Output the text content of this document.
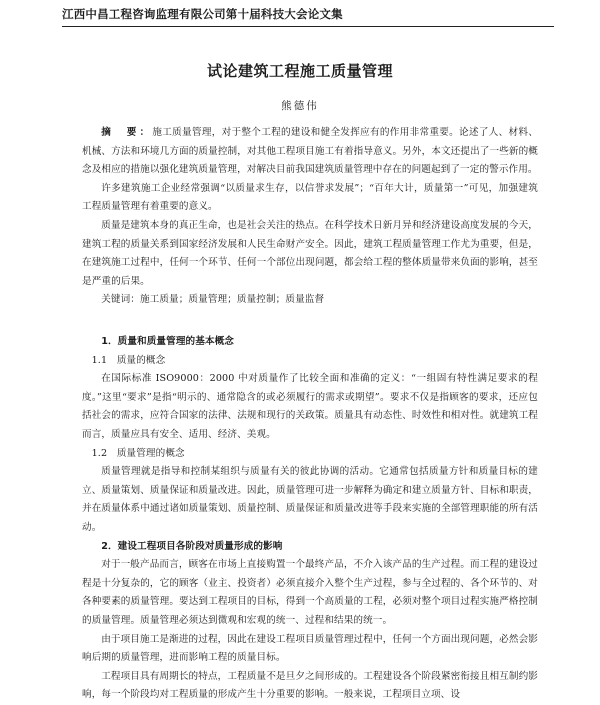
江西中昌工程咨询监理有限公司第十届科技大会论文集
试论建筑工程施工质量管理
熊德伟

摘　要：施工质量管理，对于整个工程的建设和健全发挥应有的作用非常重要。论述了人、材料、机械、方法和环境几方面的质量控制，对其他工程项目施工有着指导意义。另外，本文还提出了一些新的概念及相应的措施以强化建筑质量管理，对解决目前我国建筑质量管理中存在的问题起到了一定的警示作用。

许多建筑施工企业经常强调“以质量求生存，以信誉求发展”；“百年大计，质量第一”可见，加强建筑工程质量管理有着重要的意义。

质量是建筑本身的真正生命，也是社会关注的热点。在科学技术日新月异和经济建设高度发展的今天，建筑工程的质量关系到国家经济发展和人民生命财产安全。因此，建筑工程质量管理工作尤为重要，但是，在建筑施工过程中，任何一个环节、任何一个部位出现问题，都会给工程的整体质量带来负面的影响，甚至是严重的后果。

关键词：施工质量；质量管理；质量控制；质量监督

1．质量和质量管理的基本概念

1.1　质量的概念

在国际标准 ISO9000：2000 中对质量作了比较全面和准确的定义：“一组固有特性满足要求的程度。”这里“要求”是指“明示的、通常隐含的或必须履行的需求或期望”。要求不仅是指顾客的要求，还应包括社会的需求，应符合国家的法律、法规和现行的关政策。质量具有动态性、时效性和相对性。就建筑工程而言，质量应具有安全、适用、经济、美观。

1.2　质量管理的概念

质量管理就是指导和控制某组织与质量有关的彼此协调的活动。它通常包括质量方针和质量目标的建立、质量策划、质量保证和质量改进。因此，质量管理可进一步解释为确定和建立质量方针、目标和职责，并在质量体系中通过诸如质量策划、质量控制、质量保证和质量改进等手段来实施的全部管理职能的所有活动。

2．建设工程项目各阶段对质量形成的影响

对于一般产品而言，顾客在市场上直接购置一个最终产品，不介入该产品的生产过程。而工程的建设过程是十分复杂的，它的顾客（业主、投资者）必须直接介入整个生产过程，参与全过程的、各个环节的、对各种要素的质量管理。要达到工程项目的目标，得到一个高质量的工程，必须对整个项目过程实施严格控制的质量管理。质量管理必须达到微观和宏观的统一、过程和结果的统一。

由于项目施工是渐进的过程，因此在建设工程项目质量管理过程中，任何一个方面出现问题，必然会影响后期的质量管理，进而影响工程的质量目标。

工程项目具有周期长的特点，工程质量不是旦夕之间形成的。工程建设各个阶段紧密衔接且相互制约影响，每一个阶段均对工程质量的形成产生十分重要的影响。一般来说，工程项目立项、设
